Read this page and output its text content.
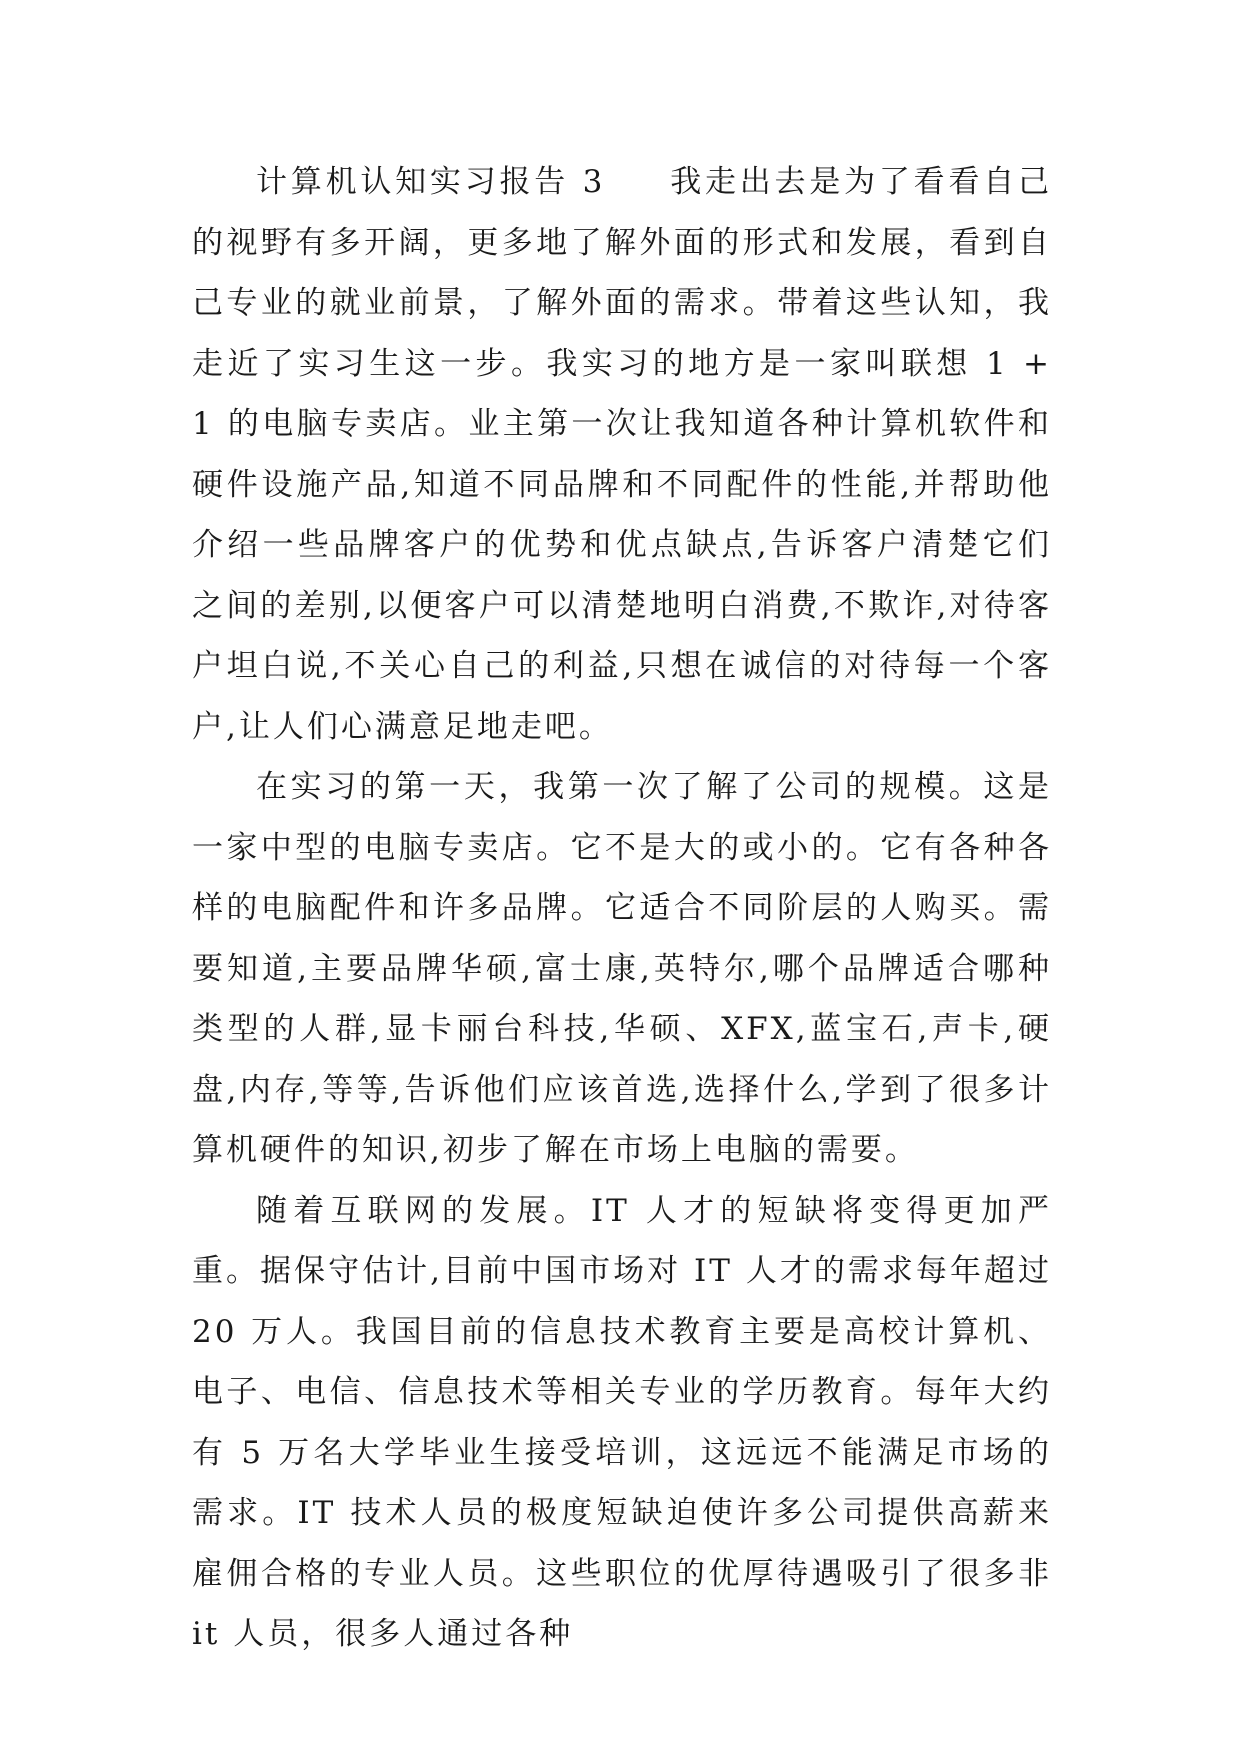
计算机认知实习报告 3 我走出去是为了看看自己的视野有多开阔，更多地了解外面的形式和发展，看到自己专业的就业前景，了解外面的需求。带着这些认知，我走近了实习生这一步。我实习的地方是一家叫联想 1 + 1 的电脑专卖店。业主第一次让我知道各种计算机软件和硬件设施产品,知道不同品牌和不同配件的性能,并帮助他介绍一些品牌客户的优势和优点缺点,告诉客户清楚它们之间的差别,以便客户可以清楚地明白消费,不欺诈,对待客户坦白说,不关心自己的利益,只想在诚信的对待每一个客户,让人们心满意足地走吧。

在实习的第一天，我第一次了解了公司的规模。这是一家中型的电脑专卖店。它不是大的或小的。它有各种各样的电脑配件和许多品牌。它适合不同阶层的人购买。需要知道,主要品牌华硕,富士康,英特尔,哪个品牌适合哪种类型的人群,显卡丽台科技,华硕、XFX,蓝宝石,声卡,硬盘,内存,等等,告诉他们应该首选,选择什么,学到了很多计算机硬件的知识,初步了解在市场上电脑的需要。

随着互联网的发展。IT 人才的短缺将变得更加严重。据保守估计,目前中国市场对 IT 人才的需求每年超过 20 万人。我国目前的信息技术教育主要是高校计算机、电子、电信、信息技术等相关专业的学历教育。每年大约有 5 万名大学毕业生接受培训，这远远不能满足市场的需求。IT 技术人员的极度短缺迫使许多公司提供高薪来雇佣合格的专业人员。这些职位的优厚待遇吸引了很多非 it 人员，很多人通过各种
